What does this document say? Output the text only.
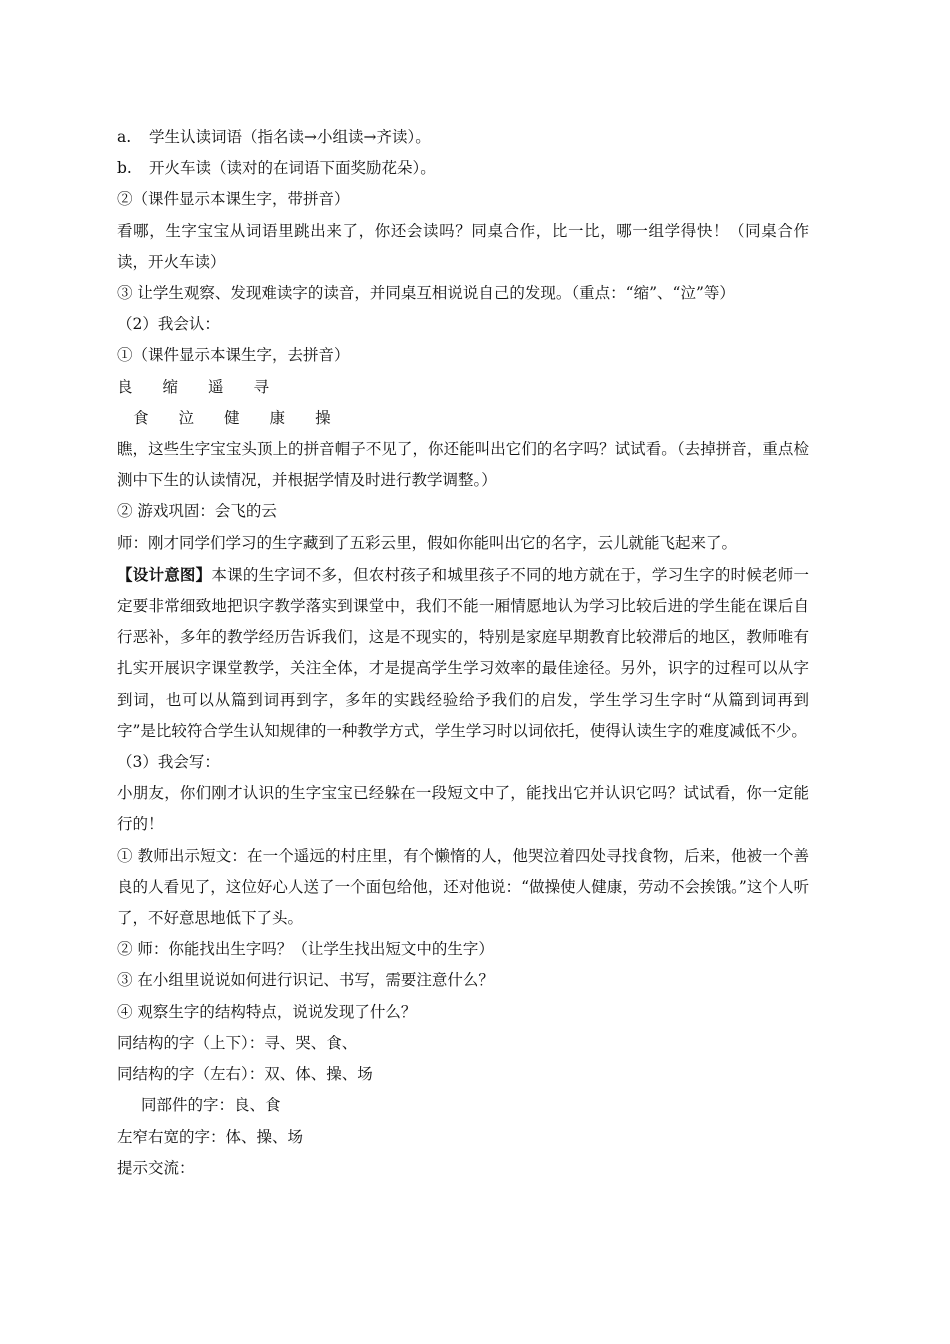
a. 学生认读词语（指名读→小组读→齐读）。
b. 开火车读（读对的在词语下面奖励花朵）。
②（课件显示本课生字，带拼音）
看哪，生字宝宝从词语里跳出来了，你还会读吗？同桌合作，比一比，哪一组学得快！（同桌合作读，开火车读）
③ 让学生观察、发现难读字的读音，并同桌互相说说自己的发现。（重点：“缩”、“泣”等）
（2）我会认：
①（课件显示本课生字，去拼音）
良 缩 遥 寻
食 泣 健 康 操
瞧，这些生字宝宝头顶上的拼音帽子不见了，你还能叫出它们的名字吗？试试看。（去掉拼音，重点检测中下生的认读情况，并根据学情及时进行教学调整。）
② 游戏巩固：会飞的云
师：刚才同学们学习的生字藏到了五彩云里，假如你能叫出它的名字，云儿就能飞起来了。
【设计意图】本课的生字词不多，但农村孩子和城里孩子不同的地方就在于，学习生字的时候老师一定要非常细致地把识字教学落实到课堂中，我们不能一厢情愿地认为学习比较后进的学生能在课后自行恶补，多年的教学经历告诉我们，这是不现实的，特别是家庭早期教育比较滞后的地区，教师唯有扎实开展识字课堂教学，关注全体，才是提高学生学习效率的最佳途径。另外，识字的过程可以从字到词，也可以从篇到词再到字，多年的实践经验给予我们的启发，学生学习生字时“从篇到词再到字”是比较符合学生认知规律的一种教学方式，学生学习时以词依托，使得认读生字的难度减低不少。
（3）我会写：
小朋友，你们刚才认识的生字宝宝已经躲在一段短文中了，能找出它并认识它吗？试试看，你一定能行的！
① 教师出示短文：在一个遥远的村庄里，有个懒惰的人，他哭泣着四处寻找食物，后来，他被一个善良的人看见了，这位好心人送了一个面包给他，还对他说：“做操使人健康，劳动不会挨饿。”这个人听了，不好意思地低下了头。
② 师：你能找出生字吗？（让学生找出短文中的生字）
③ 在小组里说说如何进行识记、书写，需要注意什么？
④ 观察生字的结构特点，说说发现了什么？
同结构的字（上下）：寻、哭、食、
同结构的字（左右）：双、体、操、场
同部件的字：良、食
左窄右宽的字：体、操、场
提示交流：
